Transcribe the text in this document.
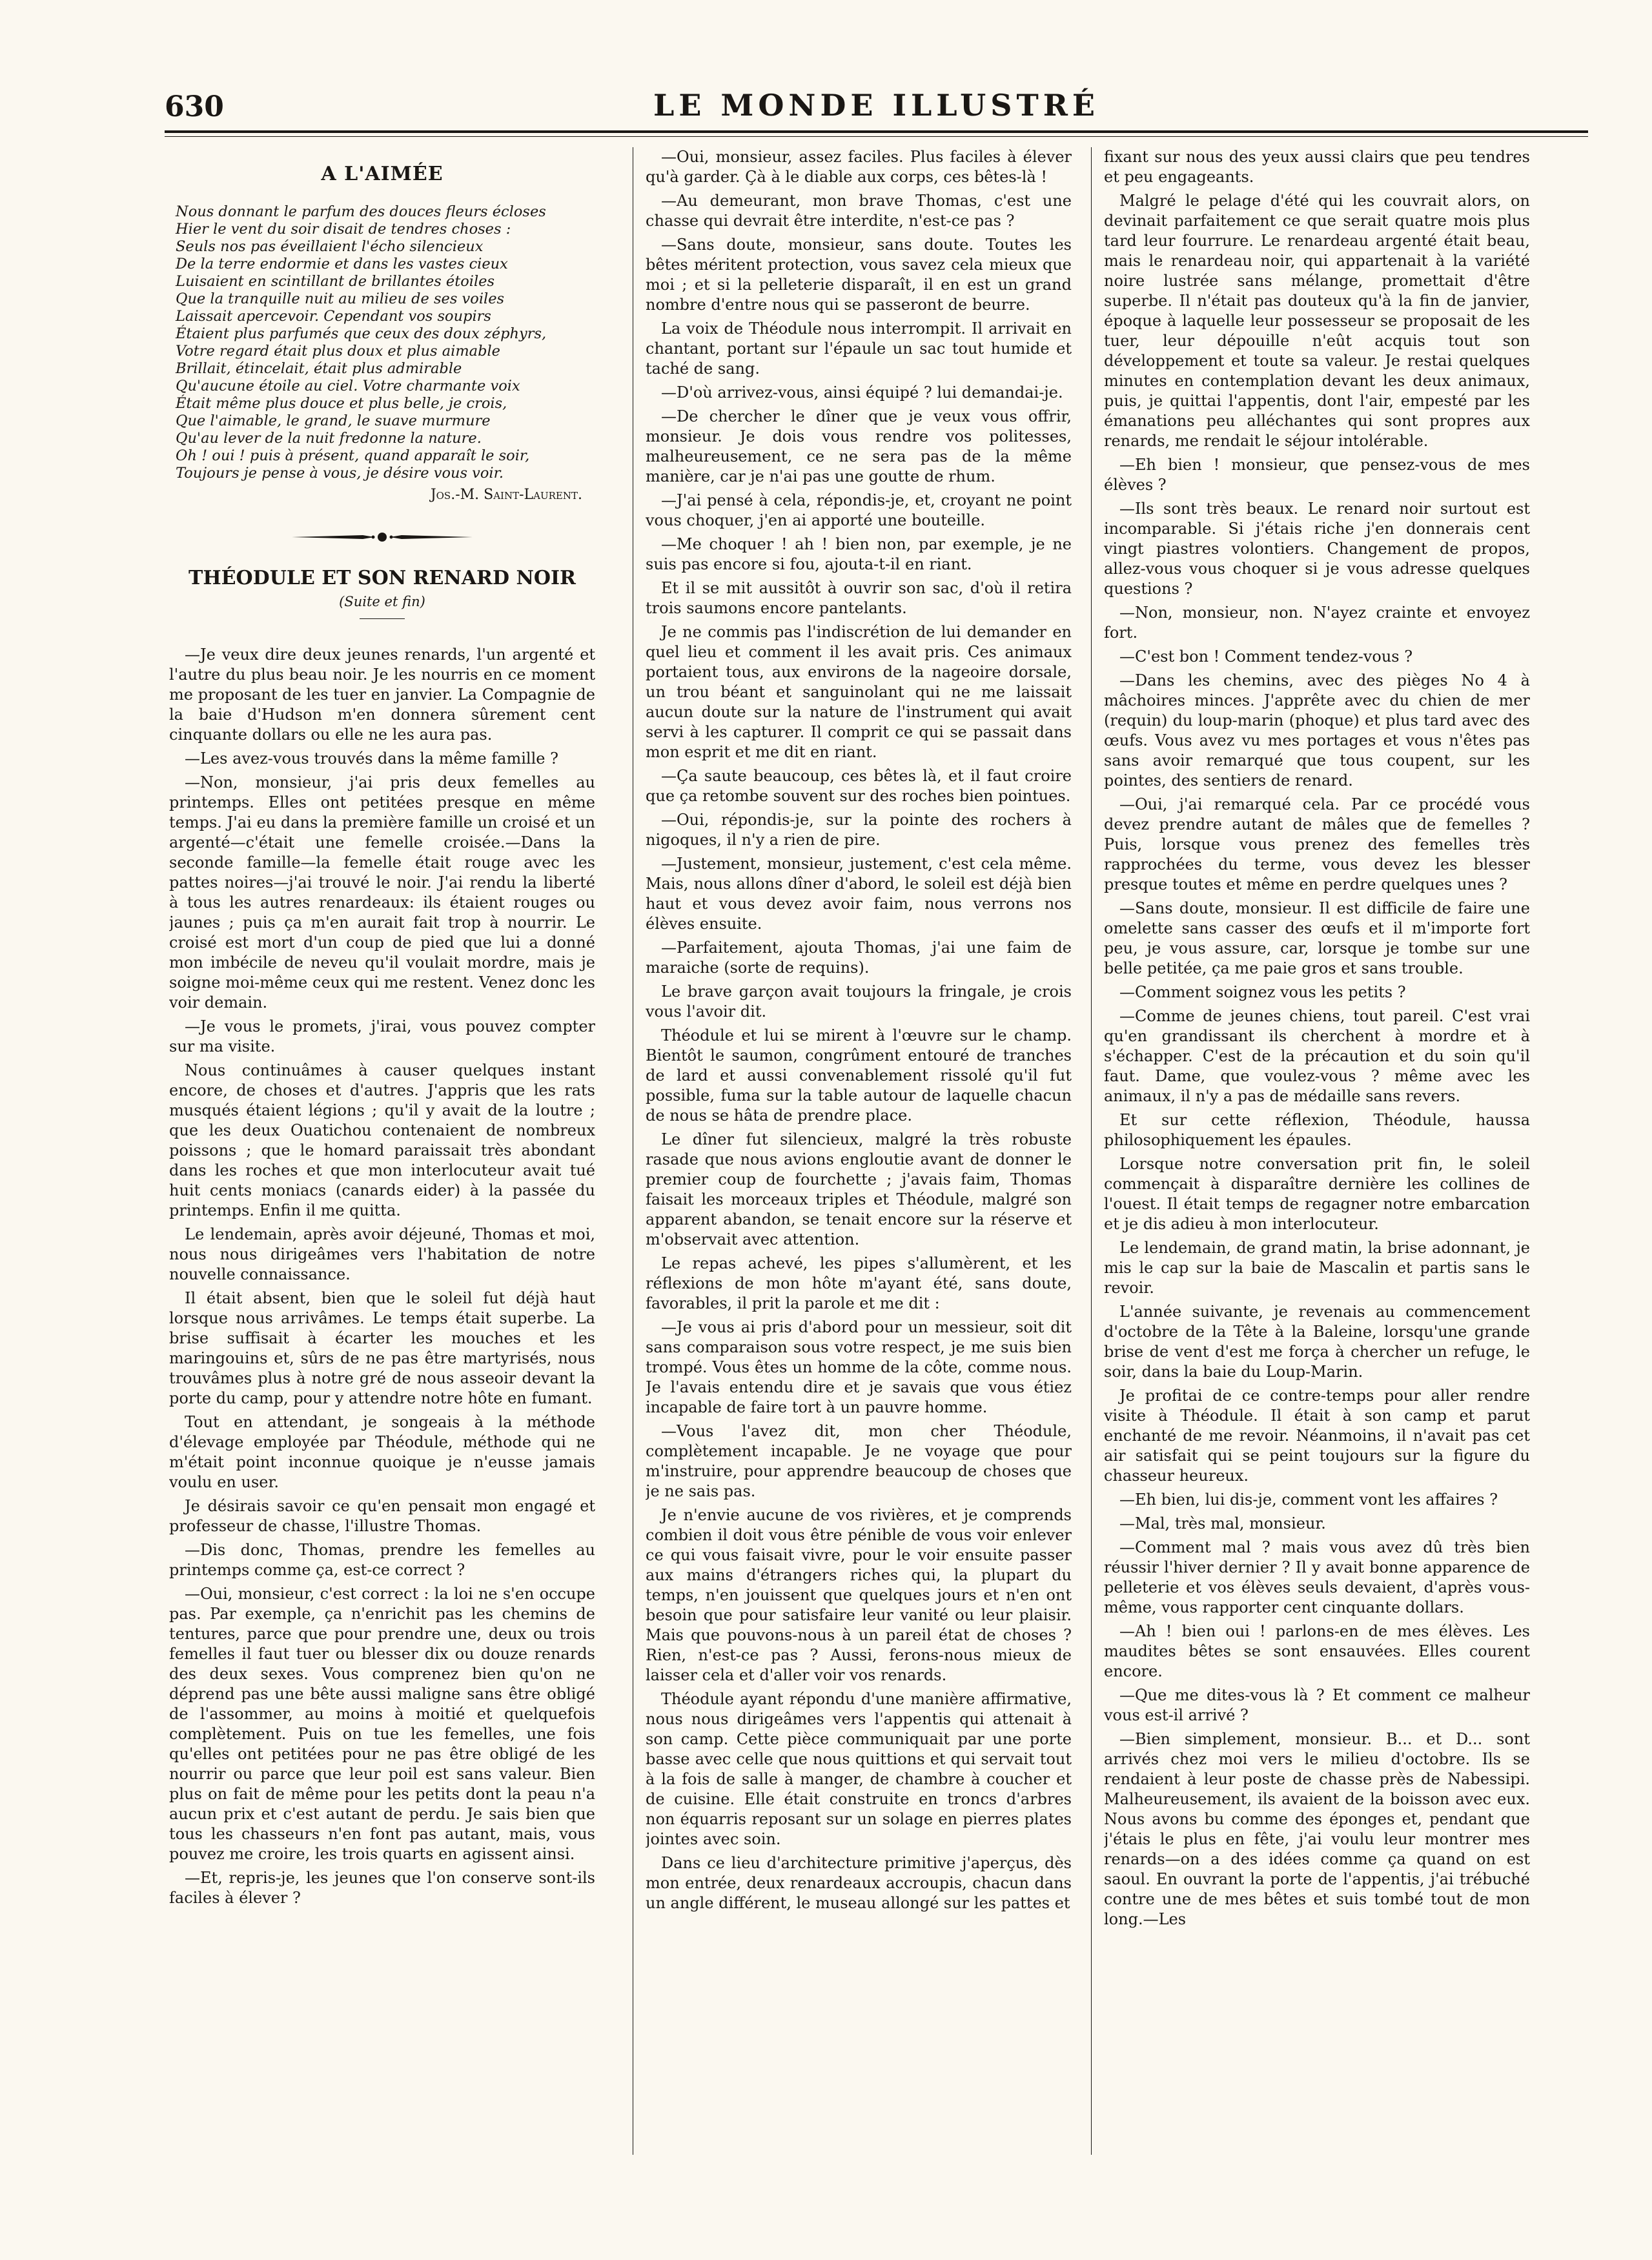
630	LE MONDE ILLUSTRÉ
A L'AIMÉE
Nous donnant le parfum des douces fleurs écloses
Hier le vent du soir disait de tendres choses :
Seuls nos pas éveillaient l'écho silencieux
De la terre endormie et dans les vastes cieux
Luisaient en scintillant de brillantes étoiles
Que la tranquille nuit au milieu de ses voiles
Laissait apercevoir. Cependant vos soupirs
Étaient plus parfumés que ceux des doux zéphyrs,
Votre regard était plus doux et plus aimable
Brillait, étincelait, était plus admirable
Qu'aucune étoile au ciel. Votre charmante voix
Était même plus douce et plus belle, je crois,
Que l'aimable, le grand, le suave murmure
Qu'au lever de la nuit fredonne la nature.
Oh ! oui ! puis à présent, quand apparaît le soir,
Toujours je pense à vous, je désire vous voir.
Jos.-M. Saint-Laurent.
THÉODULE ET SON RENARD NOIR
(Suite et fin)

—Je veux dire deux jeunes renards, l'un argenté et l'autre du plus beau noir. Je les nourris en ce moment me proposant de les tuer en janvier. La Compagnie de la baie d'Hudson m'en donnera sûrement cent cinquante dollars ou elle ne les aura pas.

—Les avez-vous trouvés dans la même famille ?

—Non, monsieur, j'ai pris deux femelles au printemps. Elles ont petitées presque en même temps. J'ai eu dans la première famille un croisé et un argenté—c'était une femelle croisée.—Dans la seconde famille—la femelle était rouge avec les pattes noires—j'ai trouvé le noir. J'ai rendu la liberté à tous les autres renardeaux: ils étaient rouges ou jaunes ; puis ça m'en aurait fait trop à nourrir. Le croisé est mort d'un coup de pied que lui a donné mon imbécile de neveu qu'il voulait mordre, mais je soigne moi-même ceux qui me restent. Venez donc les voir demain.

—Je vous le promets, j'irai, vous pouvez compter sur ma visite.

Nous continuâmes à causer quelques instant encore, de choses et d'autres. J'appris que les rats musqués étaient légions ; qu'il y avait de la loutre ; que les deux Ouatichou contenaient de nombreux poissons ; que le homard paraissait très abondant dans les roches et que mon interlocuteur avait tué huit cents moniacs (canards eider) à la passée du printemps. Enfin il me quitta.

Le lendemain, après avoir déjeuné, Thomas et moi, nous nous dirigeâmes vers l'habitation de notre nouvelle connaissance.

Il était absent, bien que le soleil fut déjà haut lorsque nous arrivâmes. Le temps était superbe. La brise suffisait à écarter les mouches et les maringouins et, sûrs de ne pas être martyrisés, nous trouvâmes plus à notre gré de nous asseoir devant la porte du camp, pour y attendre notre hôte en fumant.

Tout en attendant, je songeais à la méthode d'élevage employée par Théodule, méthode qui ne m'était point inconnue quoique je n'eusse jamais voulu en user.

Je désirais savoir ce qu'en pensait mon engagé et professeur de chasse, l'illustre Thomas.

—Dis donc, Thomas, prendre les femelles au printemps comme ça, est-ce correct ?

—Oui, monsieur, c'est correct : la loi ne s'en occupe pas. Par exemple, ça n'enrichit pas les chemins de tentures, parce que pour prendre une, deux ou trois femelles il faut tuer ou blesser dix ou douze renards des deux sexes. Vous comprenez bien qu'on ne déprend pas une bête aussi maligne sans être obligé de l'assommer, au moins à moitié et quelquefois complètement. Puis on tue les femelles, une fois qu'elles ont petitées pour ne pas être obligé de les nourrir ou parce que leur poil est sans valeur. Bien plus on fait de même pour les petits dont la peau n'a aucun prix et c'est autant de perdu. Je sais bien que tous les chasseurs n'en font pas autant, mais, vous pouvez me croire, les trois quarts en agissent ainsi.

—Et, repris-je, les jeunes que l'on conserve sont-ils faciles à élever ?

—Oui, monsieur, assez faciles. Plus faciles à élever qu'à garder. Çà à le diable aux corps, ces bêtes-là !

—Au demeurant, mon brave Thomas, c'est une chasse qui devrait être interdite, n'est-ce pas ?

—Sans doute, monsieur, sans doute. Toutes les bêtes méritent protection, vous savez cela mieux que moi ; et si la pelleterie disparaît, il en est un grand nombre d'entre nous qui se passeront de beurre.

La voix de Théodule nous interrompit. Il arrivait en chantant, portant sur l'épaule un sac tout humide et taché de sang.

—D'où arrivez-vous, ainsi équipé ? lui demandai-je.

—De chercher le dîner que je veux vous offrir, monsieur. Je dois vous rendre vos politesses, malheureusement, ce ne sera pas de la même manière, car je n'ai pas une goutte de rhum.

—J'ai pensé à cela, répondis-je, et, croyant ne point vous choquer, j'en ai apporté une bouteille.

—Me choquer ! ah ! bien non, par exemple, je ne suis pas encore si fou, ajouta-t-il en riant.

Et il se mit aussitôt à ouvrir son sac, d'où il retira trois saumons encore pantelants.

Je ne commis pas l'indiscrétion de lui demander en quel lieu et comment il les avait pris. Ces animaux portaient tous, aux environs de la nageoire dorsale, un trou béant et sanguinolant qui ne me laissait aucun doute sur la nature de l'instrument qui avait servi à les capturer. Il comprit ce qui se passait dans mon esprit et me dit en riant.

—Ça saute beaucoup, ces bêtes là, et il faut croire que ça retombe souvent sur des roches bien pointues.

—Oui, répondis-je, sur la pointe des rochers à nigoques, il n'y a rien de pire.

—Justement, monsieur, justement, c'est cela même. Mais, nous allons dîner d'abord, le soleil est déjà bien haut et vous devez avoir faim, nous verrons nos élèves ensuite.

—Parfaitement, ajouta Thomas, j'ai une faim de maraiche (sorte de requins).

Le brave garçon avait toujours la fringale, je crois vous l'avoir dit.

Théodule et lui se mirent à l'œuvre sur le champ. Bientôt le saumon, congrûment entouré de tranches de lard et aussi convenablement rissolé qu'il fut possible, fuma sur la table autour de laquelle chacun de nous se hâta de prendre place.

Le dîner fut silencieux, malgré la très robuste rasade que nous avions engloutie avant de donner le premier coup de fourchette ; j'avais faim, Thomas faisait les morceaux triples et Théodule, malgré son apparent abandon, se tenait encore sur la réserve et m'observait avec attention.

Le repas achevé, les pipes s'allumèrent, et les réflexions de mon hôte m'ayant été, sans doute, favorables, il prit la parole et me dit :

—Je vous ai pris d'abord pour un messieur, soit dit sans comparaison sous votre respect, je me suis bien trompé. Vous êtes un homme de la côte, comme nous. Je l'avais entendu dire et je savais que vous étiez incapable de faire tort à un pauvre homme.

—Vous l'avez dit, mon cher Théodule, complètement incapable. Je ne voyage que pour m'instruire, pour apprendre beaucoup de choses que je ne sais pas.

Je n'envie aucune de vos rivières, et je comprends combien il doit vous être pénible de vous voir enlever ce qui vous faisait vivre, pour le voir ensuite passer aux mains d'étrangers riches qui, la plupart du temps, n'en jouissent que quelques jours et n'en ont besoin que pour satisfaire leur vanité ou leur plaisir. Mais que pouvons-nous à un pareil état de choses ? Rien, n'est-ce pas ? Aussi, ferons-nous mieux de laisser cela et d'aller voir vos renards.

Théodule ayant répondu d'une manière affirmative, nous nous dirigeâmes vers l'appentis qui attenait à son camp. Cette pièce communiquait par une porte basse avec celle que nous quittions et qui servait tout à la fois de salle à manger, de chambre à coucher et de cuisine. Elle était construite en troncs d'arbres non équarris reposant sur un solage en pierres plates jointes avec soin.

Dans ce lieu d'architecture primitive j'aperçus, dès mon entrée, deux renardeaux accroupis, chacun dans un angle différent, le museau allongé sur les pattes et

fixant sur nous des yeux aussi clairs que peu tendres et peu engageants.

Malgré le pelage d'été qui les couvrait alors, on devinait parfaitement ce que serait quatre mois plus tard leur fourrure. Le renardeau argenté était beau, mais le renardeau noir, qui appartenait à la variété noire lustrée sans mélange, promettait d'être superbe. Il n'était pas douteux qu'à la fin de janvier, époque à laquelle leur possesseur se proposait de les tuer, leur dépouille n'eût acquis tout son développement et toute sa valeur. Je restai quelques minutes en contemplation devant les deux animaux, puis, je quittai l'appentis, dont l'air, empesté par les émanations peu alléchantes qui sont propres aux renards, me rendait le séjour intolérable.

—Eh bien ! monsieur, que pensez-vous de mes élèves ?

—Ils sont très beaux. Le renard noir surtout est incomparable. Si j'étais riche j'en donnerais cent vingt piastres volontiers. Changement de propos, allez-vous vous choquer si je vous adresse quelques questions ?

—Non, monsieur, non. N'ayez crainte et envoyez fort.

—C'est bon ! Comment tendez-vous ?

—Dans les chemins, avec des pièges No 4 à mâchoires minces. J'apprête avec du chien de mer (requin) du loup-marin (phoque) et plus tard avec des œufs. Vous avez vu mes portages et vous n'êtes pas sans avoir remarqué que tous coupent, sur les pointes, des sentiers de renard.

—Oui, j'ai remarqué cela. Par ce procédé vous devez prendre autant de mâles que de femelles ? Puis, lorsque vous prenez des femelles très rapprochées du terme, vous devez les blesser presque toutes et même en perdre quelques unes ?

—Sans doute, monsieur. Il est difficile de faire une omelette sans casser des œufs et il m'importe fort peu, je vous assure, car, lorsque je tombe sur une belle petitée, ça me paie gros et sans trouble.

—Comment soignez vous les petits ?

—Comme de jeunes chiens, tout pareil. C'est vrai qu'en grandissant ils cherchent à mordre et à s'échapper. C'est de la précaution et du soin qu'il faut. Dame, que voulez-vous ? même avec les animaux, il n'y a pas de médaille sans revers.

Et sur cette réflexion, Théodule, haussa philosophiquement les épaules.

Lorsque notre conversation prit fin, le soleil commençait à disparaître dernière les collines de l'ouest. Il était temps de regagner notre embarcation et je dis adieu à mon interlocuteur.

Le lendemain, de grand matin, la brise adonnant, je mis le cap sur la baie de Mascalin et partis sans le revoir.

L'année suivante, je revenais au commencement d'octobre de la Tête à la Baleine, lorsqu'une grande brise de vent d'est me força à chercher un refuge, le soir, dans la baie du Loup-Marin.

Je profitai de ce contre-temps pour aller rendre visite à Théodule. Il était à son camp et parut enchanté de me revoir. Néanmoins, il n'avait pas cet air satisfait qui se peint toujours sur la figure du chasseur heureux.

—Eh bien, lui dis-je, comment vont les affaires ?

—Mal, très mal, monsieur.

—Comment mal ? mais vous avez dû très bien réussir l'hiver dernier ? Il y avait bonne apparence de pelleterie et vos élèves seuls devaient, d'après vous-même, vous rapporter cent cinquante dollars.

—Ah ! bien oui ! parlons-en de mes élèves. Les maudites bêtes se sont ensauvées. Elles courent encore.

—Que me dites-vous là ? Et comment ce malheur vous est-il arrivé ?

—Bien simplement, monsieur. B... et D... sont arrivés chez moi vers le milieu d'octobre. Ils se rendaient à leur poste de chasse près de Nabessipi. Malheureusement, ils avaient de la boisson avec eux. Nous avons bu comme des éponges et, pendant que j'étais le plus en fête, j'ai voulu leur montrer mes renards—on a des idées comme ça quand on est saoul. En ouvrant la porte de l'appentis, j'ai trébuché contre une de mes bêtes et suis tombé tout de mon long.—Les
